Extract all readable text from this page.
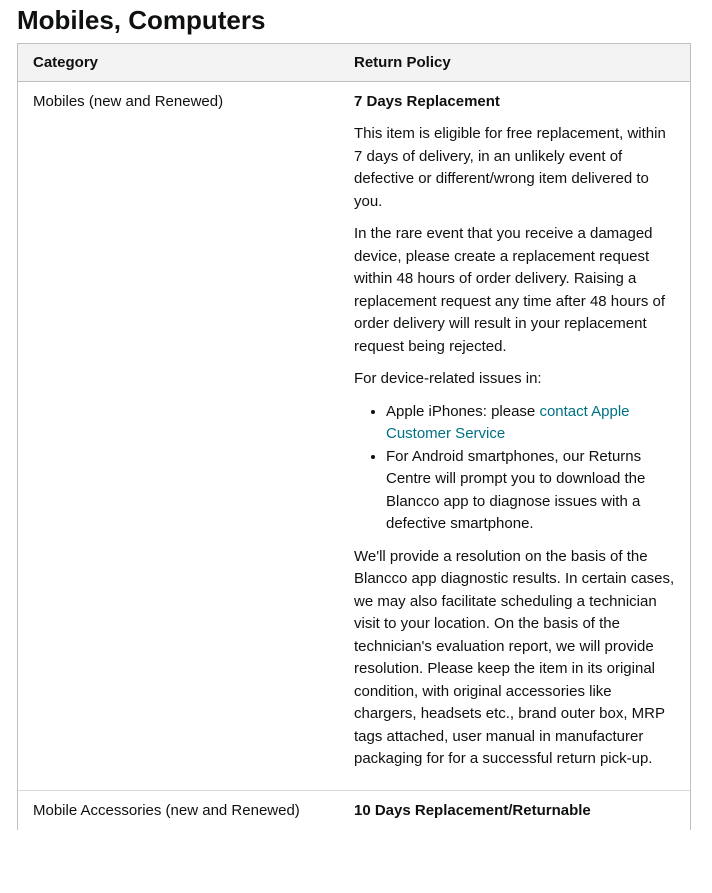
Mobiles, Computers
Category	Return Policy
Mobiles (new and Renewed)	7 Days Replacement

This item is eligible for free replacement, within 7 days of delivery, in an unlikely event of defective or different/wrong item delivered to you.

In the rare event that you receive a damaged device, please create a replacement request within 48 hours of order delivery. Raising a replacement request any time after 48 hours of order delivery will result in your replacement request being rejected.

For device-related issues in:

• Apple iPhones: please contact Apple Customer Service
• For Android smartphones, our Returns Centre will prompt you to download the Blancco app to diagnose issues with a defective smartphone.

We'll provide a resolution on the basis of the Blancco app diagnostic results. In certain cases, we may also facilitate scheduling a technician visit to your location. On the basis of the technician's evaluation report, we will provide resolution. Please keep the item in its original condition, with original accessories like chargers, headsets etc., brand outer box, MRP tags attached, user manual in manufacturer packaging for for a successful return pick-up.

Mobile Accessories (new and Renewed)	10 Days Replacement/Returnable
